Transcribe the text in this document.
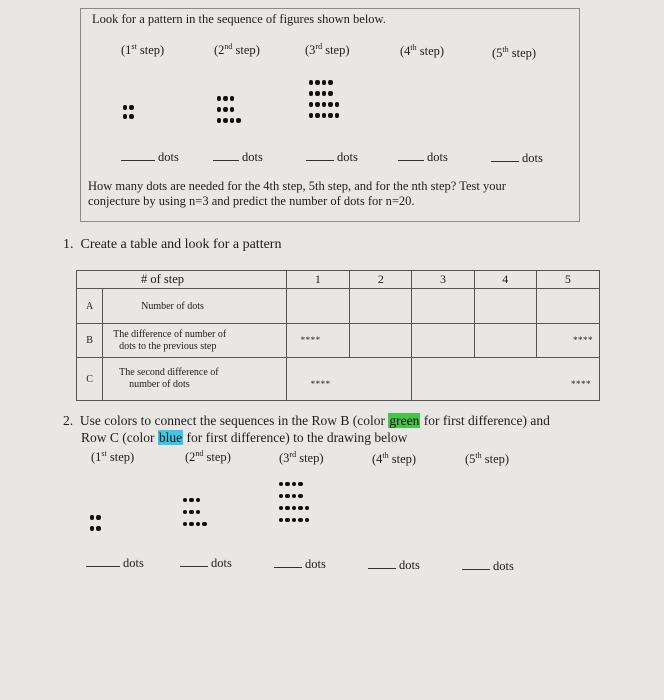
Look for a pattern in the sequence of figures shown below.
(1st step)	(2nd step)	(3rd step)	(4th step)	(5th step)
dots	dots	dots	dots	dots
How many dots are needed for the 4th step, 5th step, and for the nth step? Test your
conjecture by using n=3 and predict the number of dots for n=20.
1. Create a table and look for a pattern
# of step		1	2	3	4	5
A	Number of dots					
B	The difference of number of
dots to the previous step	****				****
C	The second difference of
number of dots	****		****		
2. Use colors to connect the sequences in the Row B (color green for first difference) and
Row C (color blue for first difference) to the drawing below
(1st step)	(2nd step)	(3rd step)	(4th step)	(5th step)
dots	dots	dots	dots	dots
